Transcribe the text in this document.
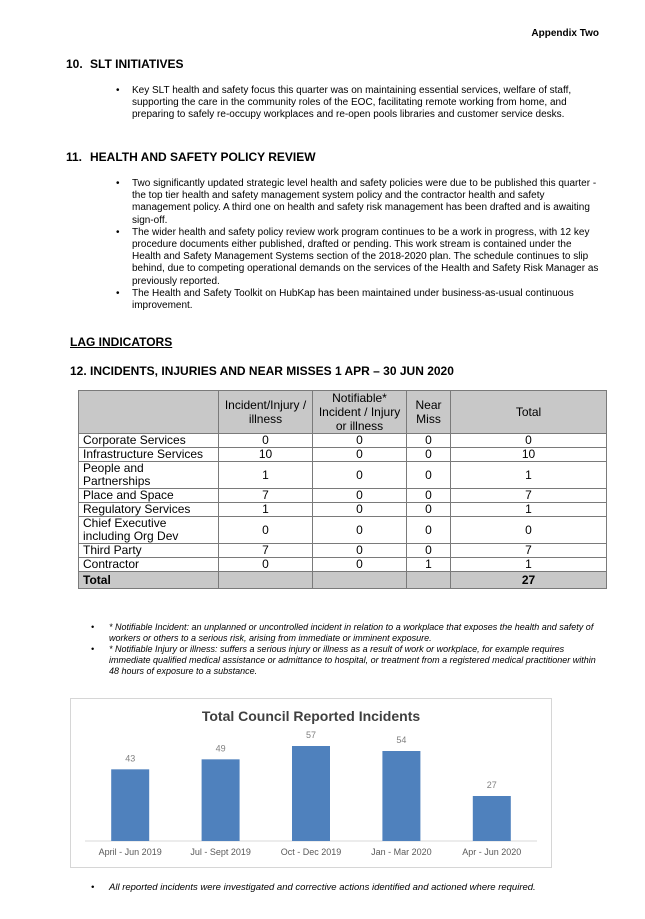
Appendix Two
10. SLT INITIATIVES
• Key SLT health and safety focus this quarter was on maintaining essential services, welfare of staff, supporting the care in the community roles of the EOC, facilitating remote working from home, and preparing to safely re-occupy workplaces and re-open pools libraries and customer service desks.
11. HEALTH AND SAFETY POLICY REVIEW
• Two significantly updated strategic level health and safety policies were due to be published this quarter - the top tier health and safety management system policy and the contractor health and safety management policy. A third one on health and safety risk management has been drafted and is awaiting sign-off.
• The wider health and safety policy review work program continues to be a work in progress, with 12 key procedure documents either published, drafted or pending. This work stream is contained under the Health and Safety Management Systems section of the 2018-2020 plan. The schedule continues to slip behind, due to competing operational demands on the services of the Health and Safety Risk Manager as previously reported.
• The Health and Safety Toolkit on HubKap has been maintained under business-as-usual continuous improvement.
LAG INDICATORS
12. INCIDENTS, INJURIES AND NEAR MISSES 1 APR – 30 JUN 2020
	Incident/Injury / illness	Notifiable* Incident / Injury or illness	Near Miss	Total
Corporate Services	0	0	0	0
Infrastructure Services	10	0	0	10
People and Partnerships	1	0	0	1
Place and Space	7	0	0	7
Regulatory Services	1	0	0	1
Chief Executive including Org Dev	0	0	0	0
Third Party	7	0	0	7
Contractor	0	0	1	1
Total				27
• * Notifiable Incident: an unplanned or uncontrolled incident in relation to a workplace that exposes the health and safety of workers or others to a serious risk, arising from immediate or imminent exposure.
• * Notifiable Injury or illness: suffers a serious injury or illness as a result of work or workplace, for example requires immediate qualified medical assistance or admittance to hospital, or treatment from a registered medical practitioner within 48 hours of exposure to a substance.
Total Council Reported Incidents
43
April - Jun 2019
49
Jul - Sept 2019
57
Oct - Dec 2019
54
Jan - Mar 2020
27
Apr - Jun 2020
• All reported incidents were investigated and corrective actions identified and actioned where required.
